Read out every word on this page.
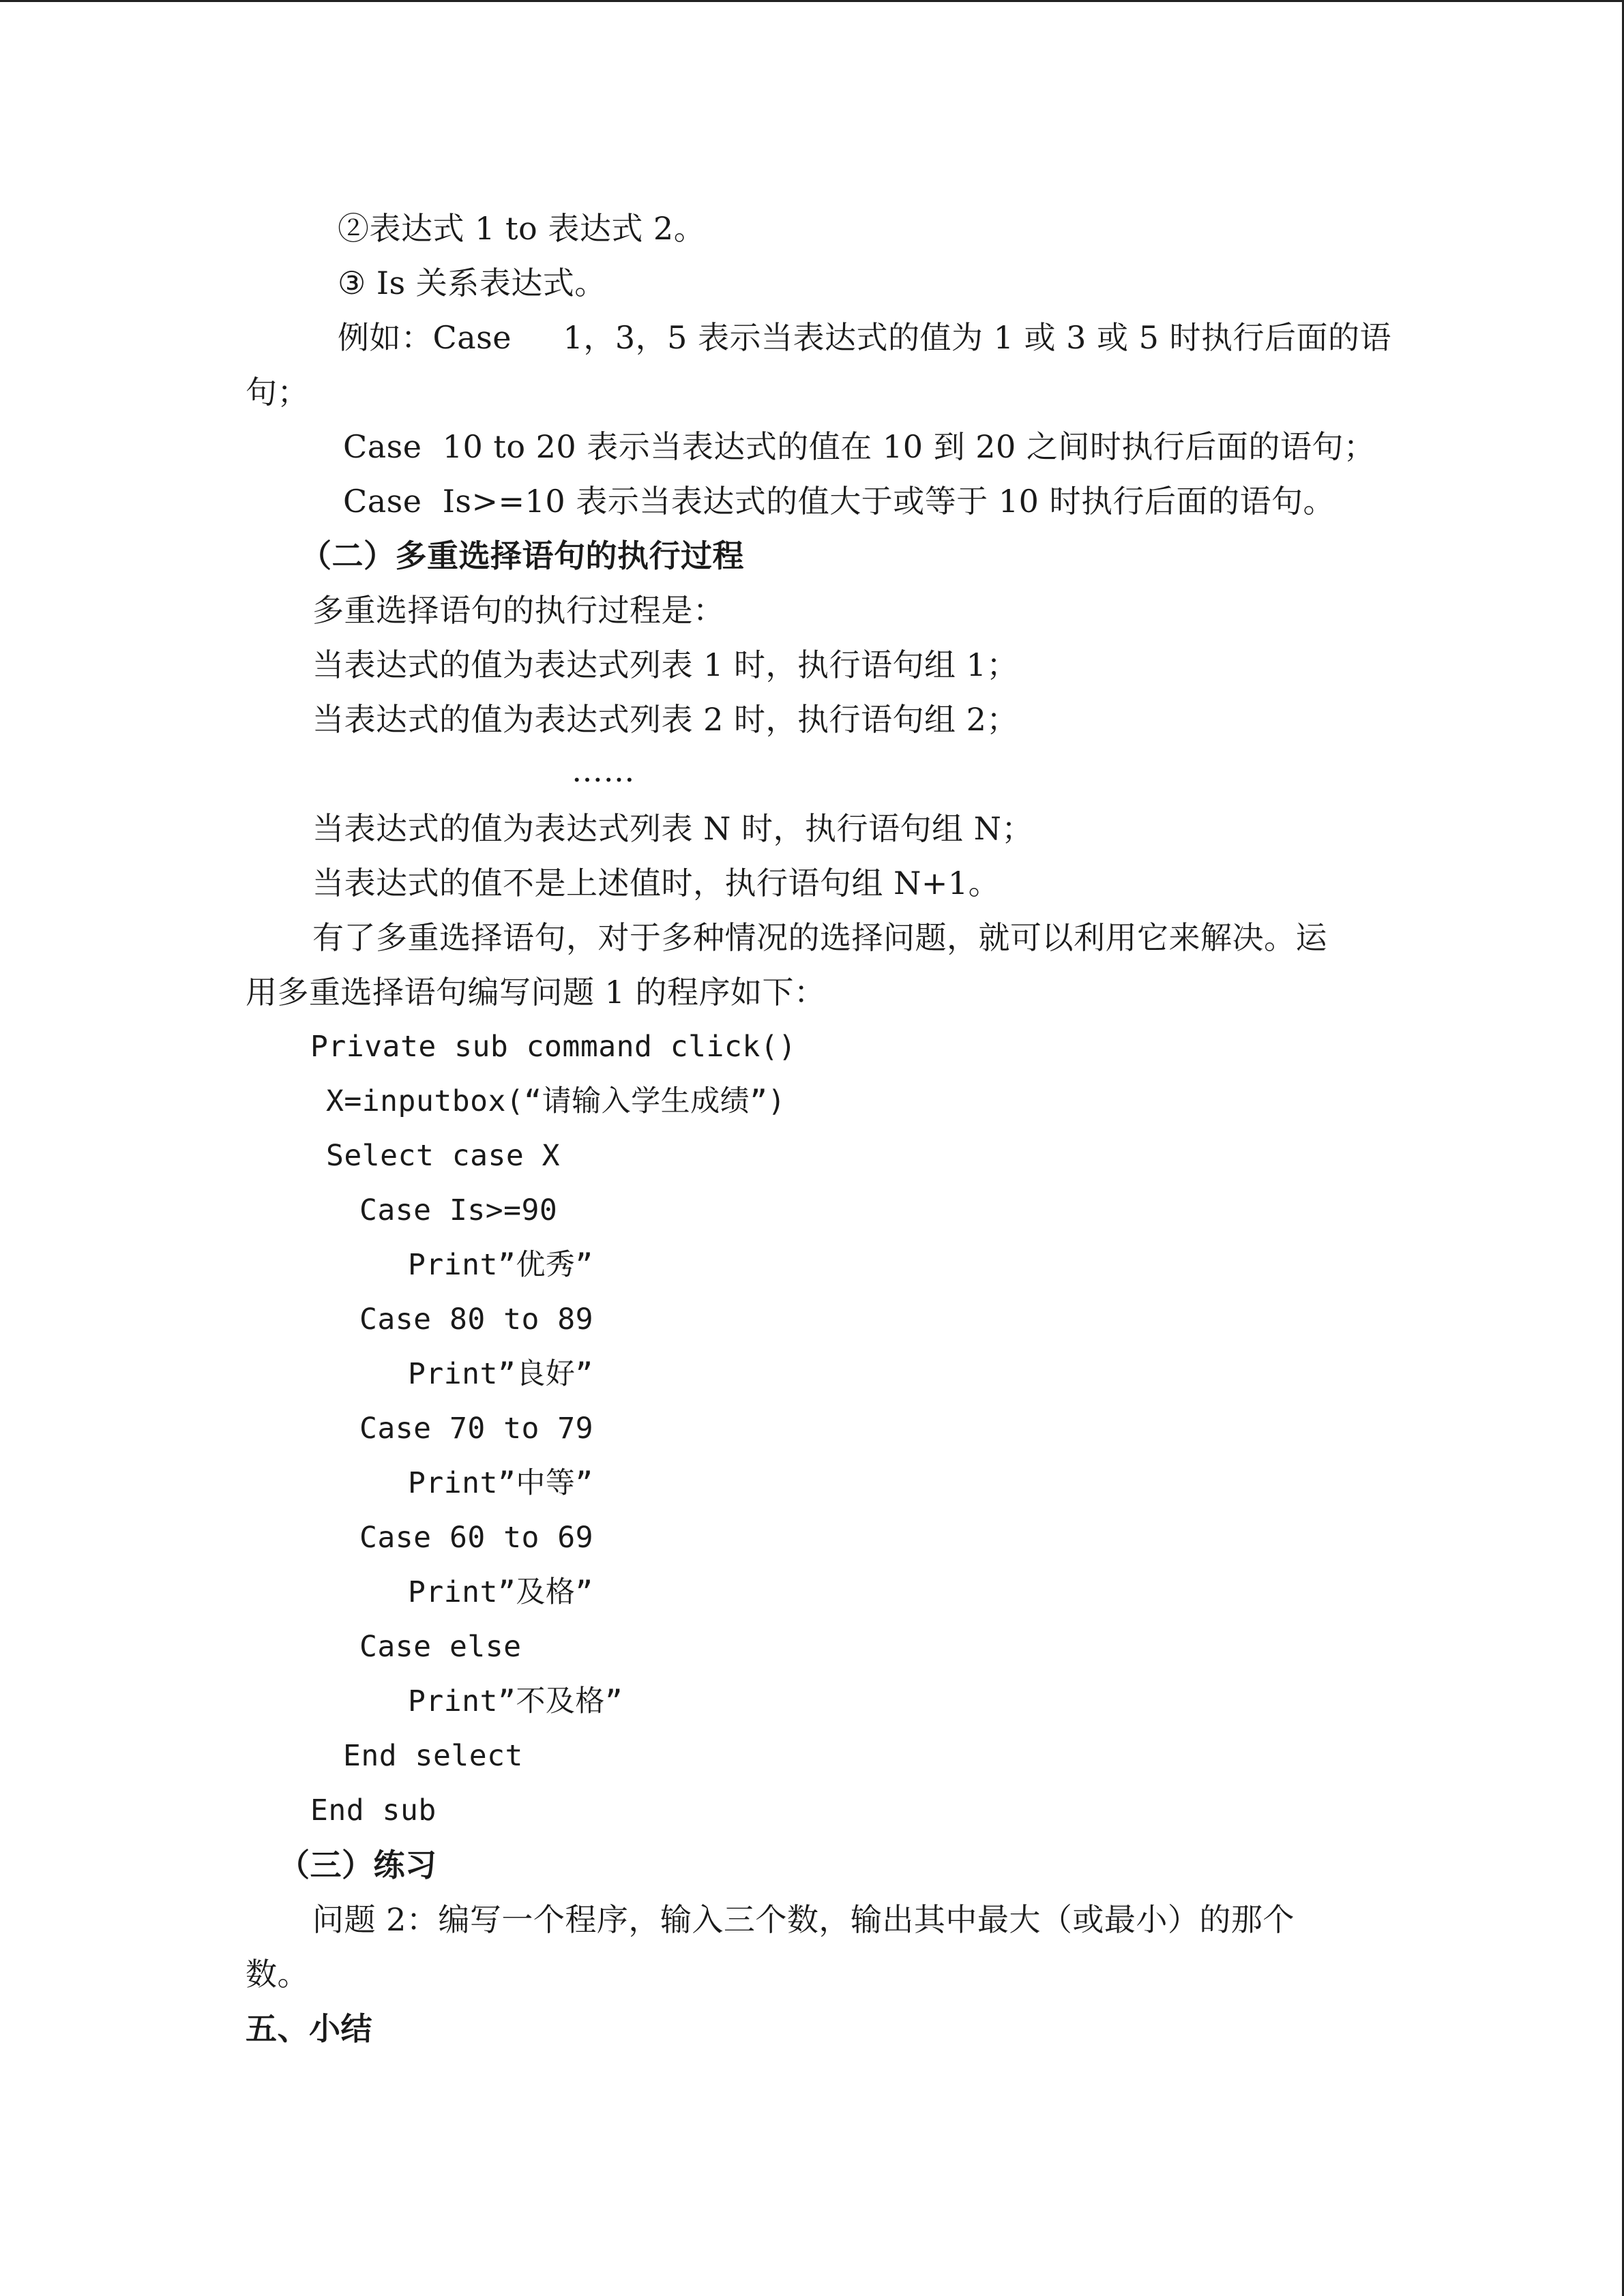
②表达式 1 to 表达式 2。
③ Is 关系表达式。
例如：Case     1，3，5 表示当表达式的值为 1 或 3 或 5 时执行后面的语
句；
Case  10 to 20 表示当表达式的值在 10 到 20 之间时执行后面的语句；
Case  Is>=10 表示当表达式的值大于或等于 10 时执行后面的语句。
（二）多重选择语句的执行过程
多重选择语句的执行过程是：
当表达式的值为表达式列表 1 时，执行语句组 1；
当表达式的值为表达式列表 2 时，执行语句组 2；
……
当表达式的值为表达式列表 N 时，执行语句组 N；
当表达式的值不是上述值时，执行语句组 N+1。
有了多重选择语句，对于多种情况的选择问题，就可以利用它来解决。运
用多重选择语句编写问题 1 的程序如下：
Private sub command click()
X=inputbox(“请输入学生成绩”)
Select case X
Case Is>=90
Print”优秀”
Case 80 to 89
Print”良好”
Case 70 to 79
Print”中等”
Case 60 to 69
Print”及格”
Case else
Print”不及格”
End select
End sub
（三）练习
问题 2：编写一个程序，输入三个数，输出其中最大（或最小）的那个
数。
五、小结
